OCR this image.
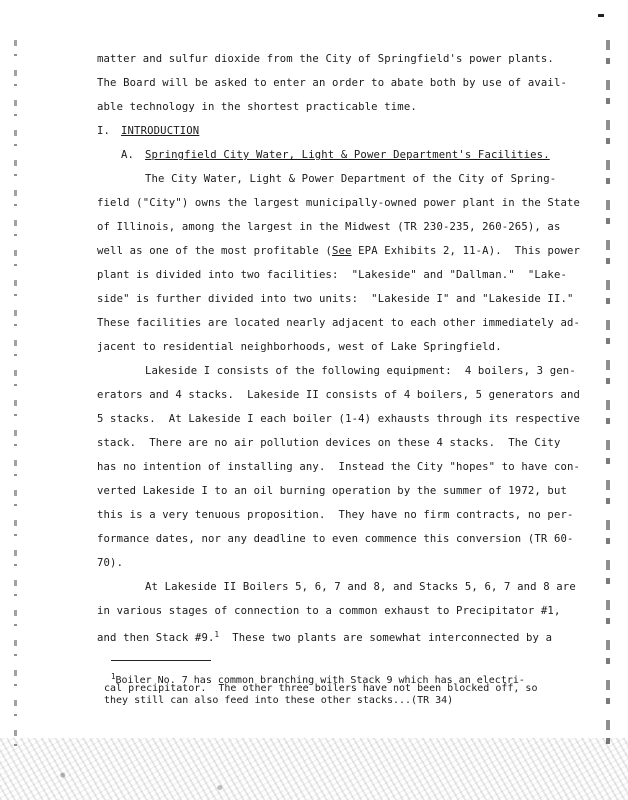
matter and sulfur dioxide from the City of Springfield's power plants.
The Board will be asked to enter an order to abate both by use of avail-
able technology in the shortest practicable time.
I. INTRODUCTION
A. Springfield City Water, Light & Power Department's Facilities.
The City Water, Light & Power Department of the City of Spring-
field ("City") owns the largest municipally-owned power plant in the State
of Illinois, among the largest in the Midwest (TR 230-235, 260-265), as
well as one of the most profitable (See EPA Exhibits 2, 11-A).  This power
plant is divided into two facilities:  "Lakeside" and "Dallman."  "Lake-
side" is further divided into two units:  "Lakeside I" and "Lakeside II."
These facilities are located nearly adjacent to each other immediately ad-
jacent to residential neighborhoods, west of Lake Springfield.
Lakeside I consists of the following equipment:  4 boilers, 3 gen-
erators and 4 stacks.  Lakeside II consists of 4 boilers, 5 generators and
5 stacks.  At Lakeside I each boiler (1-4) exhausts through its respective
stack.  There are no air pollution devices on these 4 stacks.  The City
has no intention of installing any.  Instead the City "hopes" to have con-
verted Lakeside I to an oil burning operation by the summer of 1972, but
this is a very tenuous proposition.  They have no firm contracts, no per-
formance dates, nor any deadline to even commence this conversion (TR 60-
70).
At Lakeside II Boilers 5, 6, 7 and 8, and Stacks 5, 6, 7 and 8 are
in various stages of connection to a common exhaust to Precipitator #1,
and then Stack #9.$^1$  These two plants are somewhat interconnected by a
$^1$Boiler No. 7 has common branching with Stack 9 which has an electri-
cal precipitator.  The other three boilers have not been blocked off, so
they still can also feed into these other stacks...(TR 34)
